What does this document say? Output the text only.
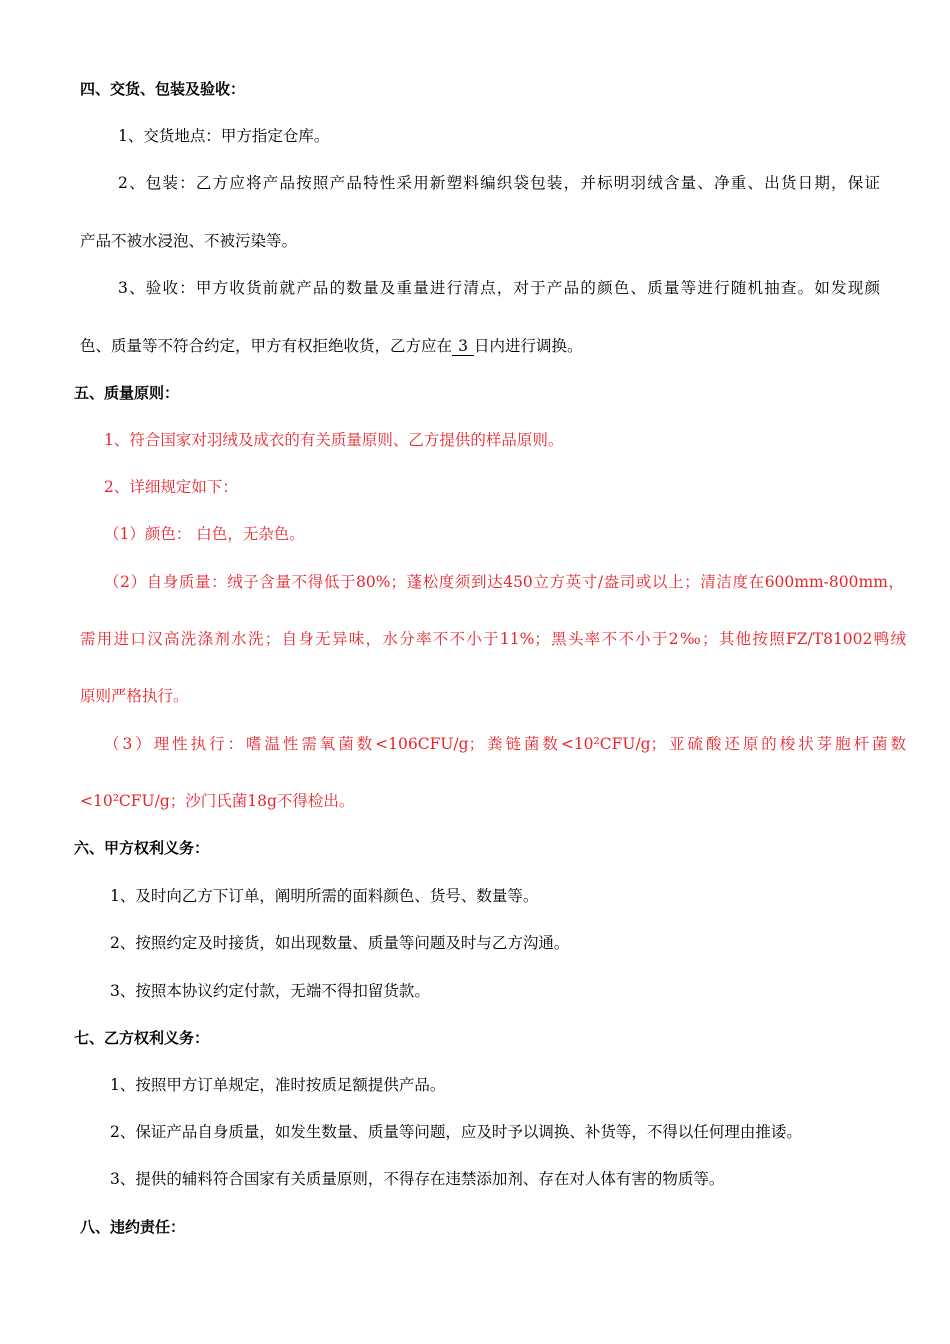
四、交货、包装及验收：
1、交货地点：甲方指定仓库。
2、包装：乙方应将产品按照产品特性采用新塑料编织袋包装，并标明羽绒含量、净重、出货日期，保证
产品不被水浸泡、不被污染等。
3、验收：甲方收货前就产品的数量及重量进行清点，对于产品的颜色、质量等进行随机抽查。如发现颜
色、质量等不符合约定，甲方有权拒绝收货，乙方应在 3 日内进行调换。
五、质量原则：
1、符合国家对羽绒及成衣的有关质量原则、乙方提供的样品原则。
2、详细规定如下：
（1）颜色： 白色，无杂色。
（2）自身质量：绒子含量不得低于80%；蓬松度须到达450立方英寸/盎司或以上；清洁度在600mm-800mm，
需用进口汉高洗涤剂水洗；自身无异味，水分率不不小于11%；黑头率不不小于2‰；其他按照FZ/T81002鸭绒
原则严格执行。
（3）理性执行：嗜温性需氧菌数<106CFU/g；粪链菌数<10²CFU/g；亚硫酸还原的梭状芽胞杆菌数
<10²CFU/g；沙门氏菌18g不得检出。
六、甲方权利义务：
1、及时向乙方下订单，阐明所需的面料颜色、货号、数量等。
2、按照约定及时接货，如出现数量、质量等问题及时与乙方沟通。
3、按照本协议约定付款，无端不得扣留货款。
七、乙方权利义务：
1、按照甲方订单规定，准时按质足额提供产品。
2、保证产品自身质量，如发生数量、质量等问题，应及时予以调换、补货等，不得以任何理由推诿。
3、提供的辅料符合国家有关质量原则，不得存在违禁添加剂、存在对人体有害的物质等。
八、违约责任：
